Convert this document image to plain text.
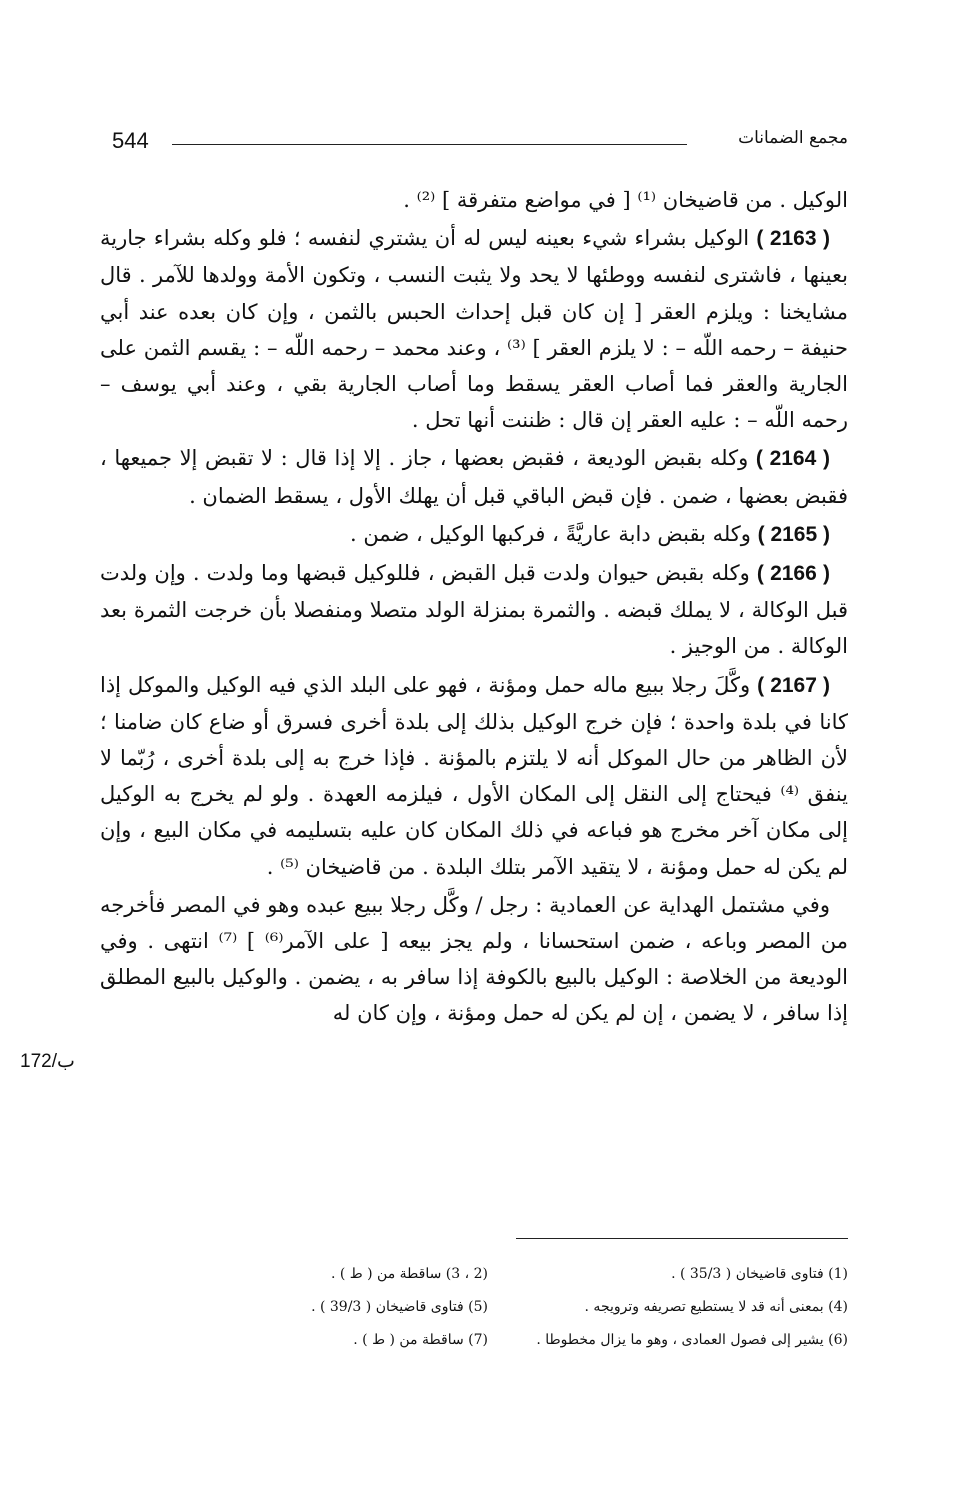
544	مجمع الضمانات

الوكيل . من قاضيخان ⁽¹⁾ [ في مواضع متفرقة ] ⁽²⁾ .

( 2163 ) الوكيل بشراء شيء بعينه ليس له أن يشتري لنفسه ؛ فلو وكله بشراء جارية بعينها ، فاشترى لنفسه ووطئها لا يحد ولا يثبت النسب ، وتكون الأمة وولدها للآمر . قال مشايخنا : ويلزم العقر [ إن كان قبل إحداث الحبس بالثمن ، وإن كان بعده عند أبي حنيفة – رحمه اللّه – : لا يلزم العقر ] ⁽³⁾ ، وعند محمد – رحمه اللّه – : يقسم الثمن على الجارية والعقر فما أصاب العقر يسقط وما أصاب الجارية بقي ، وعند أبي يوسف – رحمه اللّه – : عليه العقر إن قال : ظننت أنها تحل .

( 2164 ) وكله بقبض الوديعة ، فقبض بعضها ، جاز . إلا إذا قال : لا تقبض إلا جميعها ، فقبض بعضها ، ضمن . فإن قبض الباقي قبل أن يهلك الأول ، يسقط الضمان .

( 2165 ) وكله بقبض دابة عاريَّةً ، فركبها الوكيل ، ضمن .

( 2166 ) وكله بقبض حيوان ولدت قبل القبض ، فللوكيل قبضها وما ولدت . وإن ولدت قبل الوكالة ، لا يملك قبضه . والثمرة بمنزلة الولد متصلا ومنفصلا بأن خرجت الثمرة بعد الوكالة . من الوجيز .

( 2167 ) وكَّلَ رجلا ببيع ماله حمل ومؤنة ، فهو على البلد الذي فيه الوكيل والموكل إذا كانا في بلدة واحدة ؛ فإن خرج الوكيل بذلك إلى بلدة أخرى فسرق أو ضاع كان ضامنا ؛ لأن الظاهر من حال الموكل أنه لا يلتزم بالمؤنة . فإذا خرج به إلى بلدة أخرى ، رُبّما لا ينفق ⁽⁴⁾ فيحتاج إلى النقل إلى المكان الأول ، فيلزمه العهدة . ولو لم يخرج به الوكيل إلى مكان آخر مخرج هو فباعه في ذلك المكان كان عليه بتسليمه في مكان البيع ، وإن لم يكن له حمل ومؤنة ، لا يتقيد الآمر بتلك البلدة . من قاضيخان ⁽⁵⁾ .

وفي مشتمل الهداية عن العمادية : رجل / وكَّل رجلا ببيع عبده وهو في المصر فأخرجه من المصر وباعه ، ضمن استحسانا ، ولم يجز بيعه [ على الآمر⁽⁶⁾ ] ⁽⁷⁾ انتهى . وفي الوديعة من الخلاصة : الوكيل بالبيع بالكوفة إذا سافر به ، يضمن . والوكيل بالبيع المطلق إذا سافر ، لا يضمن ، إن لم يكن له حمل ومؤنة ، وإن كان له

172/ب
(1) فتاوى قاضيخان ( 35/3 ) .
(2 ، 3) ساقطة من ( ط ) .
(4) بمعنى أنه قد لا يستطيع تصريفه وترويجه .
(5) فتاوى قاضيخان ( 39/3 ) .
(6) يشير إلى فصول العمادى ، وهو ما يزال مخطوطا .
(7) ساقطة من ( ط ) .
